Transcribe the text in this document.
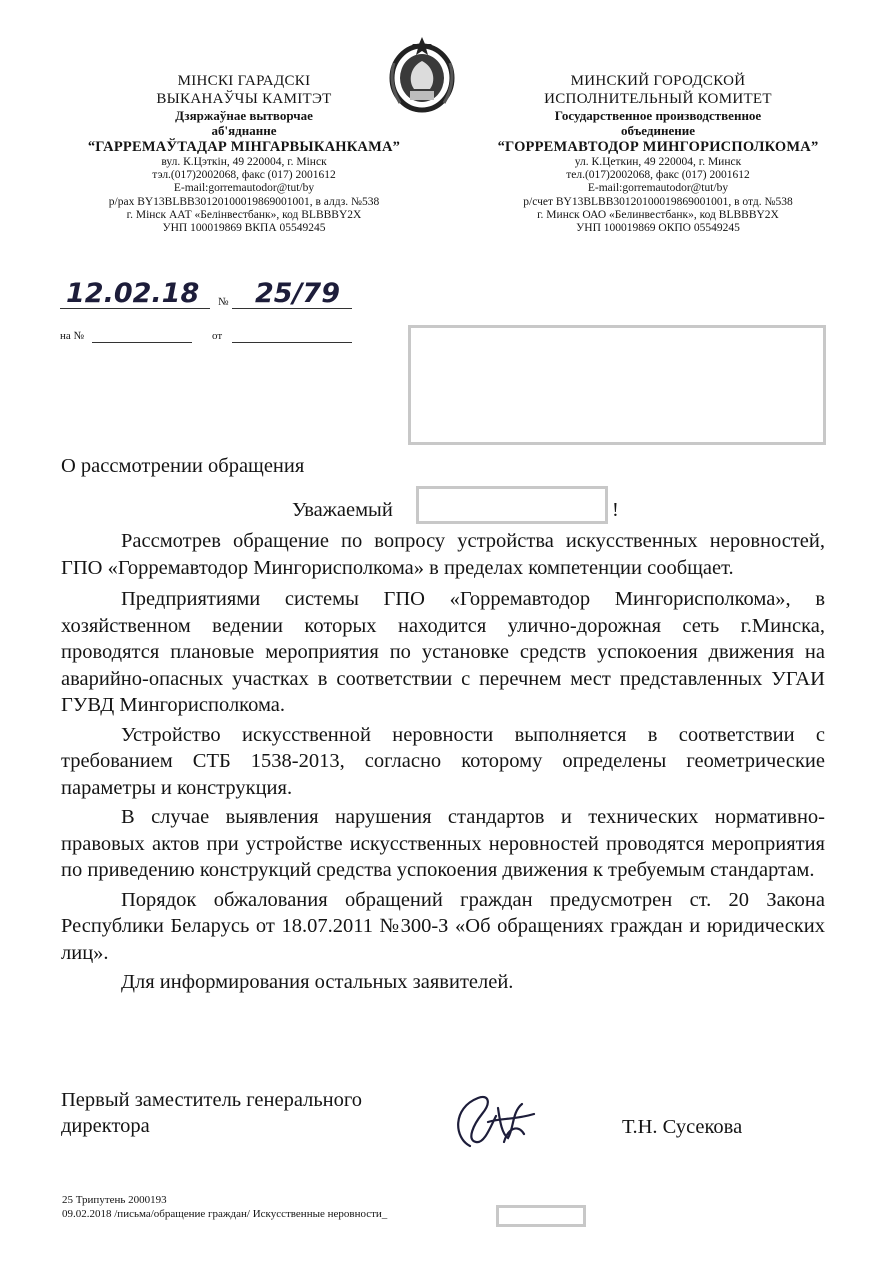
МІНСКІ ГАРАДСКІ
ВЫКАНАЎЧЫ КАМІТЭТ
Дзяржаўнае вытворчае
аб'яднанне
“ГАРРЕМАЎТАДАР МІНГАРВЫКАНКАМА”
вул. К.Цэткін, 49 220004, г. Мінск
тэл.(017)2002068, факс (017) 2001612
E-mail:gorremautodor@tut/by
р/рах BY13BLBB30120100019869001001, в алдз. №538
г. Мінск ААТ «Белінвестбанк», код BLBBBY2X
УНП 100019869 ВКПА 05549245
МИНСКИЙ ГОРОДСКОЙ
ИСПОЛНИТЕЛЬНЫЙ КОМИТЕТ
Государственное производственное
объединение
“ГОРРЕМАВТОДОР МИНГОРИСПОЛКОМА”
ул. К.Цеткин, 49 220004, г. Минск
тел.(017)2002068, факс (017) 2001612
E-mail:gorremautodor@tut/by
р/счет BY13BLBB30120100019869001001, в отд. №538
г. Минск ОАО «Белинвестбанк», код BLBBBY2X
УНП 100019869 ОКПО 05549245
12.02.18 № 25/79
на №	от
О рассмотрении обращения
Уважаемый	!

Рассмотрев обращение по вопросу устройства искусственных неровностей, ГПО «Горремавтодор Мингорисполкома» в пределах компетенции сообщает.

Предприятиями системы ГПО «Горремавтодор Мингорисполкома», в хозяйственном ведении которых находится улично-дорожная сеть г.Минска, проводятся плановые мероприятия по установке средств успокоения движения на аварийно-опасных участках в соответствии с перечнем мест представленных УГАИ ГУВД Мингорисполкома.

Устройство искусственной неровности выполняется в соответствии с требованием СТБ 1538-2013, согласно которому определены геометрические параметры и конструкция.

В случае выявления нарушения стандартов и технических нормативно-правовых актов при устройстве искусственных неровностей проводятся мероприятия по приведению конструкций средства успокоения движения к требуемым стандартам.

Порядок обжалования обращений граждан предусмотрен ст. 20 Закона Республики Беларусь от 18.07.2011 №300-З «Об обращениях граждан и юридических лиц».

Для информирования остальных заявителей.

Первый заместитель генерального
директора	Т.Н. Сусекова
25 Трипутень 2000193
09.02.2018 /письма/обращение граждан/ Искусственные неровности_
